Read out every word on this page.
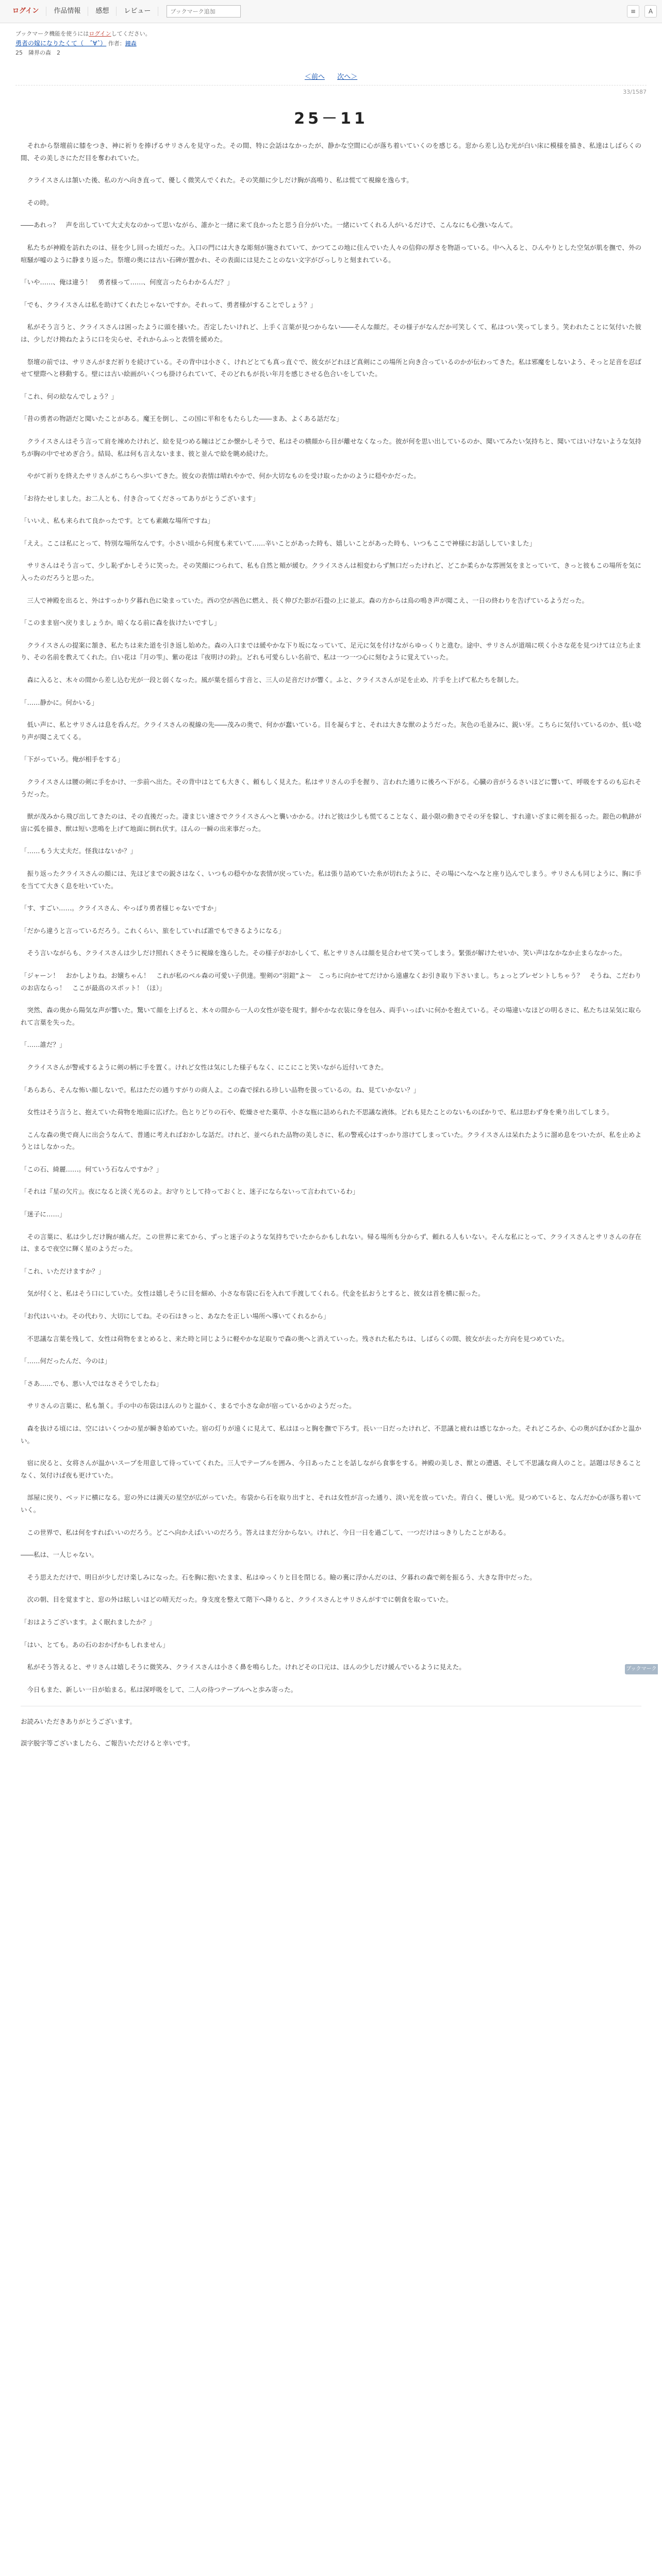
ログイン	作品情報	感想	レビュー
ブックマーク追加	≡	A
ブックマーク機能を使うにはログインしてください。
勇者の嫁になりたくて（　ˆ∀ˆ） 作者：鐘森
25　隣界の森　2
＜前へ 次へ＞
33/1587
25－11

それから祭壇前に膝をつき、神に祈りを捧げるサリさんを見守った。その間、特に会話はなかったが、静かな空間に心が落ち着いていくのを感じる。窓から差し込む光が白い床に模様を描き、私達はしばらくの間、その美しさにただ目を奪われていた。

クライスさんは頷いた後、私の方へ向き直って、優しく微笑んでくれた。その笑顔に少しだけ胸が高鳴り、私は慌てて視線を逸らす。

その時。

――あれっ？　声を出していて大丈夫なのかって思いながら、誰かと一緒に来て良かったと思う自分がいた。一緒にいてくれる人がいるだけで、こんなにも心強いなんて。

私たちが神殿を訪れたのは、昼を少し回った頃だった。入口の門には大きな彫刻が施されていて、かつてこの地に住んでいた人々の信仰の厚さを物語っている。中へ入ると、ひんやりとした空気が肌を撫で、外の喧騒が嘘のように静まり返った。祭壇の奥には古い石碑が置かれ、その表面には見たことのない文字がびっしりと刻まれている。

「いや……、俺は違う！　勇者様って……、何度言ったらわかるんだ？」

「でも、クライスさんは私を助けてくれたじゃないですか。それって、勇者様がすることでしょう？」

私がそう言うと、クライスさんは困ったように頭を掻いた。否定したいけれど、上手く言葉が見つからない――そんな顔だ。その様子がなんだか可笑しくて、私はつい笑ってしまう。笑われたことに気付いた彼は、少しだけ拗ねたように口を尖らせ、それからふっと表情を緩めた。

祭壇の前では、サリさんがまだ祈りを続けている。その背中は小さく、けれどとても真っ直ぐで、彼女がどれほど真剣にこの場所と向き合っているのかが伝わってきた。私は邪魔をしないよう、そっと足音を忍ばせて壁際へと移動する。壁には古い絵画がいくつも掛けられていて、そのどれもが長い年月を感じさせる色合いをしていた。

「これ、何の絵なんでしょう？」

「昔の勇者の物語だと聞いたことがある。魔王を倒し、この国に平和をもたらした――まあ、よくある話だな」

クライスさんはそう言って肩を竦めたけれど、絵を見つめる瞳はどこか懐かしそうで、私はその横顔から目が離せなくなった。彼が何を思い出しているのか、聞いてみたい気持ちと、聞いてはいけないような気持ちが胸の中でせめぎ合う。結局、私は何も言えないまま、彼と並んで絵を眺め続けた。

やがて祈りを終えたサリさんがこちらへ歩いてきた。彼女の表情は晴れやかで、何か大切なものを受け取ったかのように穏やかだった。

「お待たせしました。お二人とも、付き合ってくださってありがとうございます」

「いいえ、私も来られて良かったです。とても素敵な場所ですね」

「ええ。ここは私にとって、特別な場所なんです。小さい頃から何度も来ていて……辛いことがあった時も、嬉しいことがあった時も、いつもここで神様にお話ししていました」

サリさんはそう言って、少し恥ずかしそうに笑った。その笑顔につられて、私も自然と頬が緩む。クライスさんは相変わらず無口だったけれど、どこか柔らかな雰囲気をまとっていて、きっと彼もこの場所を気に入ったのだろうと思った。

三人で神殿を出ると、外はすっかり夕暮れ色に染まっていた。西の空が茜色に燃え、長く伸びた影が石畳の上に並ぶ。森の方からは鳥の鳴き声が聞こえ、一日の終わりを告げているようだった。

「このまま宿へ戻りましょうか。暗くなる前に森を抜けたいですし」

クライスさんの提案に頷き、私たちは来た道を引き返し始めた。森の入口までは緩やかな下り坂になっていて、足元に気を付けながらゆっくりと進む。途中、サリさんが道端に咲く小さな花を見つけては立ち止まり、その名前を教えてくれた。白い花は『月の雫』、紫の花は『夜明けの鈴』。どれも可愛らしい名前で、私は一つ一つ心に刻むように覚えていった。

森に入ると、木々の間から差し込む光が一段と弱くなった。風が葉を揺らす音と、三人の足音だけが響く。ふと、クライスさんが足を止め、片手を上げて私たちを制した。

「……静かに。何かいる」

低い声に、私とサリさんは息を呑んだ。クライスさんの視線の先――茂みの奥で、何かが蠢いている。目を凝らすと、それは大きな獣のようだった。灰色の毛並みに、鋭い牙。こちらに気付いているのか、低い唸り声が聞こえてくる。

「下がっていろ。俺が相手をする」

クライスさんは腰の剣に手をかけ、一歩前へ出た。その背中はとても大きく、頼もしく見えた。私はサリさんの手を握り、言われた通りに後ろへ下がる。心臓の音がうるさいほどに響いて、呼吸をするのも忘れそうだった。

獣が茂みから飛び出してきたのは、その直後だった。凄まじい速さでクライスさんへと襲いかかる。けれど彼は少しも慌てることなく、最小限の動きでその牙を躱し、すれ違いざまに剣を振るった。銀色の軌跡が宙に弧を描き、獣は短い悲鳴を上げて地面に倒れ伏す。ほんの一瞬の出来事だった。

「……もう大丈夫だ。怪我はないか？」

振り返ったクライスさんの顔には、先ほどまでの鋭さはなく、いつもの穏やかな表情が戻っていた。私は張り詰めていた糸が切れたように、その場にへなへなと座り込んでしまう。サリさんも同じように、胸に手を当てて大きく息を吐いていた。

「す、すごい……。クライスさん、やっぱり勇者様じゃないですか」

「だから違うと言っているだろう。これくらい、旅をしていれば誰でもできるようになる」

そう言いながらも、クライスさんは少しだけ照れくさそうに視線を逸らした。その様子がおかしくて、私とサリさんは顔を見合わせて笑ってしまう。緊張が解けたせいか、笑い声はなかなか止まらなかった。

「ジャーン！　おかしよりね。お嬢ちゃん！　これが私のベル森の可愛い子供達。聖剣の“羽鎧”よ～　こっちに向かせてだけから遠慮なくお引き取り下さいまし。ちょっとプレゼントしちゃう？　そうね、こだわりのお店ならっ！　ここが最高のスポット！（ほ）」

突然、森の奥から陽気な声が響いた。驚いて顔を上げると、木々の間から一人の女性が姿を現す。鮮やかな衣装に身を包み、両手いっぱいに何かを抱えている。その場違いなほどの明るさに、私たちは呆気に取られて言葉を失った。

「……誰だ？」

クライスさんが警戒するように剣の柄に手を置く。けれど女性は気にした様子もなく、にこにこと笑いながら近付いてきた。

「あらあら、そんな怖い顔しないで。私はただの通りすがりの商人よ。この森で採れる珍しい品物を扱っているの。ね、見ていかない？」

女性はそう言うと、抱えていた荷物を地面に広げた。色とりどりの石や、乾燥させた薬草、小さな瓶に詰められた不思議な液体。どれも見たことのないものばかりで、私は思わず身を乗り出してしまう。

こんな森の奥で商人に出会うなんて、普通に考えればおかしな話だ。けれど、並べられた品物の美しさに、私の警戒心はすっかり溶けてしまっていた。クライスさんは呆れたように溜め息をついたが、私を止めようとはしなかった。

「この石、綺麗……。何ていう石なんですか？」

「それは『星の欠片』。夜になると淡く光るのよ。お守りとして持っておくと、迷子にならないって言われているわ」

「迷子に……」

その言葉に、私は少しだけ胸が痛んだ。この世界に来てから、ずっと迷子のような気持ちでいたからかもしれない。帰る場所も分からず、頼れる人もいない。そんな私にとって、クライスさんとサリさんの存在は、まるで夜空に輝く星のようだった。

「これ、いただけますか？」

気が付くと、私はそう口にしていた。女性は嬉しそうに目を細め、小さな布袋に石を入れて手渡してくれる。代金を払おうとすると、彼女は首を横に振った。

「お代はいいわ。その代わり、大切にしてね。その石はきっと、あなたを正しい場所へ導いてくれるから」

不思議な言葉を残して、女性は荷物をまとめると、来た時と同じように軽やかな足取りで森の奥へと消えていった。残された私たちは、しばらくの間、彼女が去った方向を見つめていた。

「……何だったんだ、今のは」

「さあ……でも、悪い人ではなさそうでしたね」

サリさんの言葉に、私も頷く。手の中の布袋はほんのりと温かく、まるで小さな命が宿っているかのようだった。

森を抜ける頃には、空にはいくつかの星が瞬き始めていた。宿の灯りが遠くに見えて、私はほっと胸を撫で下ろす。長い一日だったけれど、不思議と疲れは感じなかった。それどころか、心の奥がぽかぽかと温かい。

宿に戻ると、女将さんが温かいスープを用意して待っていてくれた。三人でテーブルを囲み、今日あったことを話しながら食事をする。神殿の美しさ、獣との遭遇、そして不思議な商人のこと。話題は尽きることなく、気付けば夜も更けていた。

部屋に戻り、ベッドに横になる。窓の外には満天の星空が広がっていた。布袋から石を取り出すと、それは女性が言った通り、淡い光を放っていた。青白く、優しい光。見つめていると、なんだか心が落ち着いていく。

この世界で、私は何をすればいいのだろう。どこへ向かえばいいのだろう。答えはまだ分からない。けれど、今日一日を過ごして、一つだけはっきりしたことがある。

――私は、一人じゃない。

そう思えただけで、明日が少しだけ楽しみになった。石を胸に抱いたまま、私はゆっくりと目を閉じる。瞼の裏に浮かんだのは、夕暮れの森で剣を振るう、大きな背中だった。

次の朝、目を覚ますと、窓の外は眩しいほどの晴天だった。身支度を整えて階下へ降りると、クライスさんとサリさんがすでに朝食を取っていた。

「おはようございます。よく眠れましたか？」

「はい、とても。あの石のおかげかもしれません」

私がそう答えると、サリさんは嬉しそうに微笑み、クライスさんは小さく鼻を鳴らした。けれどその口元は、ほんの少しだけ緩んでいるように見えた。

今日もまた、新しい一日が始まる。私は深呼吸をして、二人の待つテーブルへと歩み寄った。

お読みいただきありがとうございます。

誤字脱字等ございましたら、ご報告いただけると幸いです。

ブックマーク
